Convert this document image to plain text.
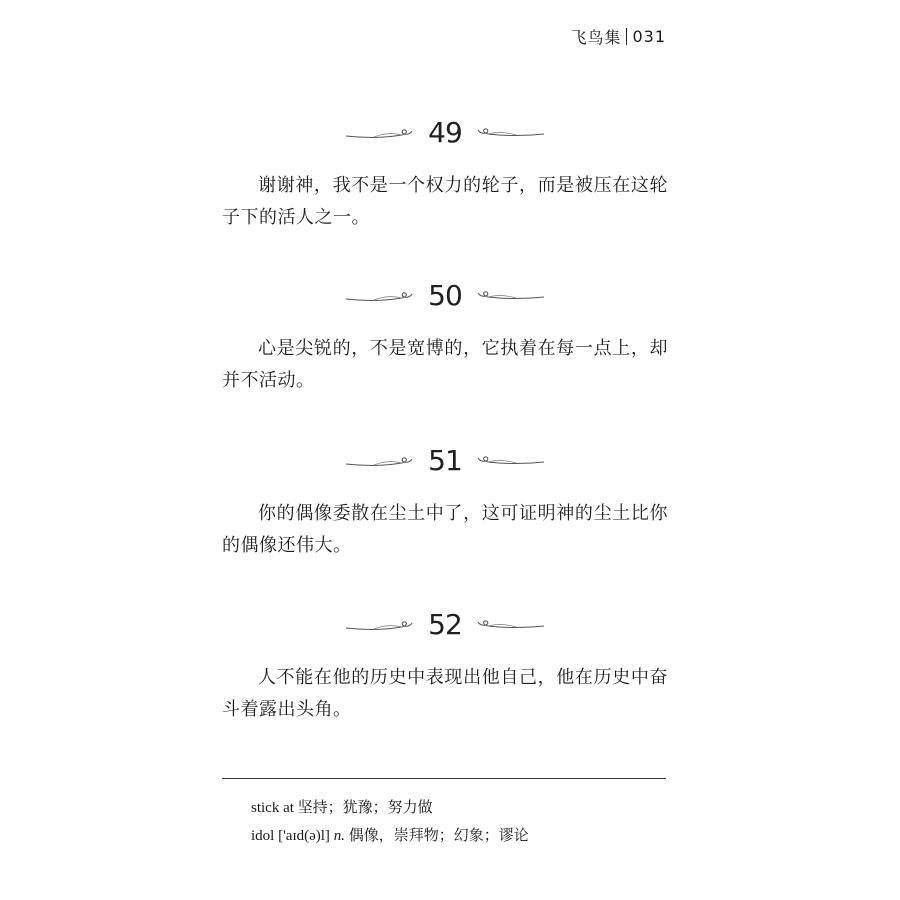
飞鸟集 031
49

谢谢神，我不是一个权力的轮子，而是被压在这轮子下的活人之一。

50

心是尖锐的，不是宽博的，它执着在每一点上，却并不活动。

51

你的偶像委散在尘土中了，这可证明神的尘土比你的偶像还伟大。

52

人不能在他的历史中表现出他自己，他在历史中奋斗着露出头角。

stick at 坚持；犹豫；努力做
idol ['aɪd(ə)l] n. 偶像，崇拜物；幻象；谬论
